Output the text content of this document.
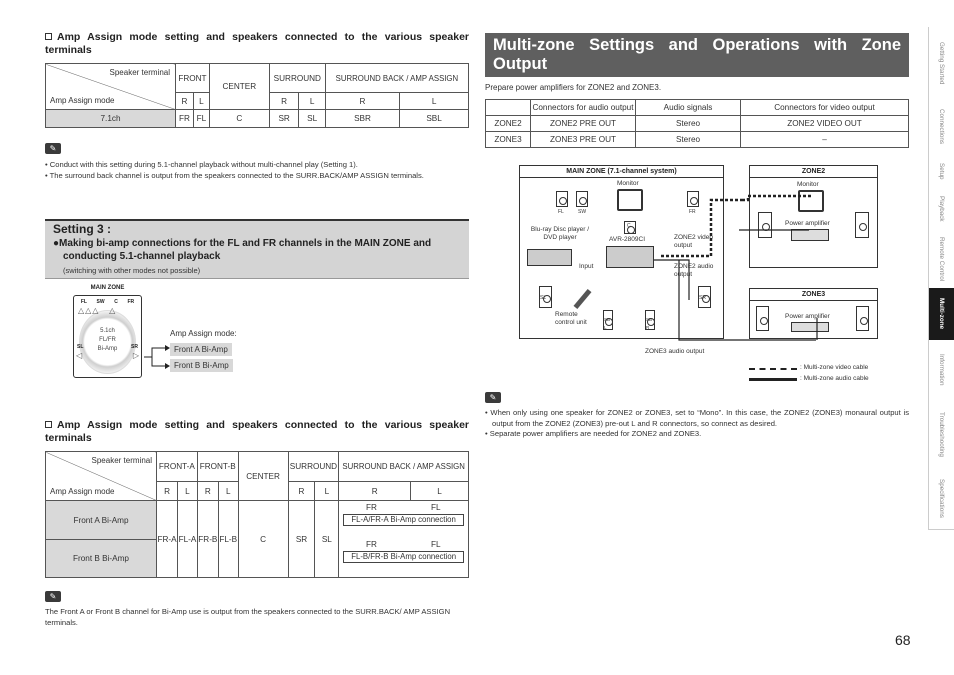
Amp Assign mode setting and speakers connected to the various speaker terminals
Speaker terminal
Amp Assign mode	FRONT		CENTER	SURROUND		SURROUND BACK / AMP ASSIGN	
	R	L		R	L	R	L
7.1ch	FR	FL	C	SR	SL	SBR	SBL
✎
• Conduct with this setting during 5.1-channel playback without multi-channel play (Setting 1).
• The surround back channel is output from the speakers connected to the SURR.BACK/AMP ASSIGN terminals.
Setting 3 :
●Making bi-amp connections for the FL and FR channels in the MAIN ZONE and conducting 5.1-channel playback
(switching with other modes not possible)
MAIN ZONE
FL SW C FR
△△△   △
SL	SR
◁	▷
5.1ch
FL/FR
Bi-Amp
Amp Assign mode:
Front A Bi-Amp
Front B Bi-Amp
Amp Assign mode setting and speakers connected to the various speaker terminals
Speaker terminal
Amp Assign mode	FRONT-A		FRONT-B		CENTER	SURROUND		SURROUND BACK / AMP ASSIGN	
	R	L	R	L		R	L	R	L
Front A Bi-Amp	FR-A	FL-A	FR-B	FL-B	C	SR	SL	FR FL
FL-A/FR-A Bi-Amp connection	

Front B Bi-Amp								FR FL
FL-B/FR-B Bi-Amp connection	
✎
The Front A or Front B channel for Bi-Amp use is output from the speakers connected to the SURR.BACK/ AMP ASSIGN terminals.
Multi-zone Settings and Operations with Zone Output
Prepare power amplifiers for ZONE2 and ZONE3.
	Connectors for audio output	Audio signals	Connectors for video output
ZONE2	ZONE2 PRE OUT	Stereo	ZONE2 VIDEO OUT
ZONE3	ZONE3 PRE OUT	Stereo	–
MAIN ZONE (7.1-channel system)
Monitor
FL	SW	FR
C
Blu-ray Disc player / DVD player	AVR-2809CI
Input
ZONE2 video output
ZONE2 audio output
SL	SR
Remote control unit	SB L
SB R
ZONE2
Monitor
Power amplifier
ZONE3
Power amplifier
ZONE3 audio output
: Multi-zone video cable
: Multi-zone audio cable
✎
• When only using one speaker for ZONE2 or ZONE3, set to “Mono”. In this case, the ZONE2 (ZONE3) monaural output is output from the ZONE2 (ZONE3) pre-out L and R connectors, so connect as desired.
• Separate power amplifiers are needed for ZONE2 and ZONE3.
Getting Started
Connections
Setup
Playback
Remote Control
Multi-zone
Information
Troubleshooting
Specifications
68
